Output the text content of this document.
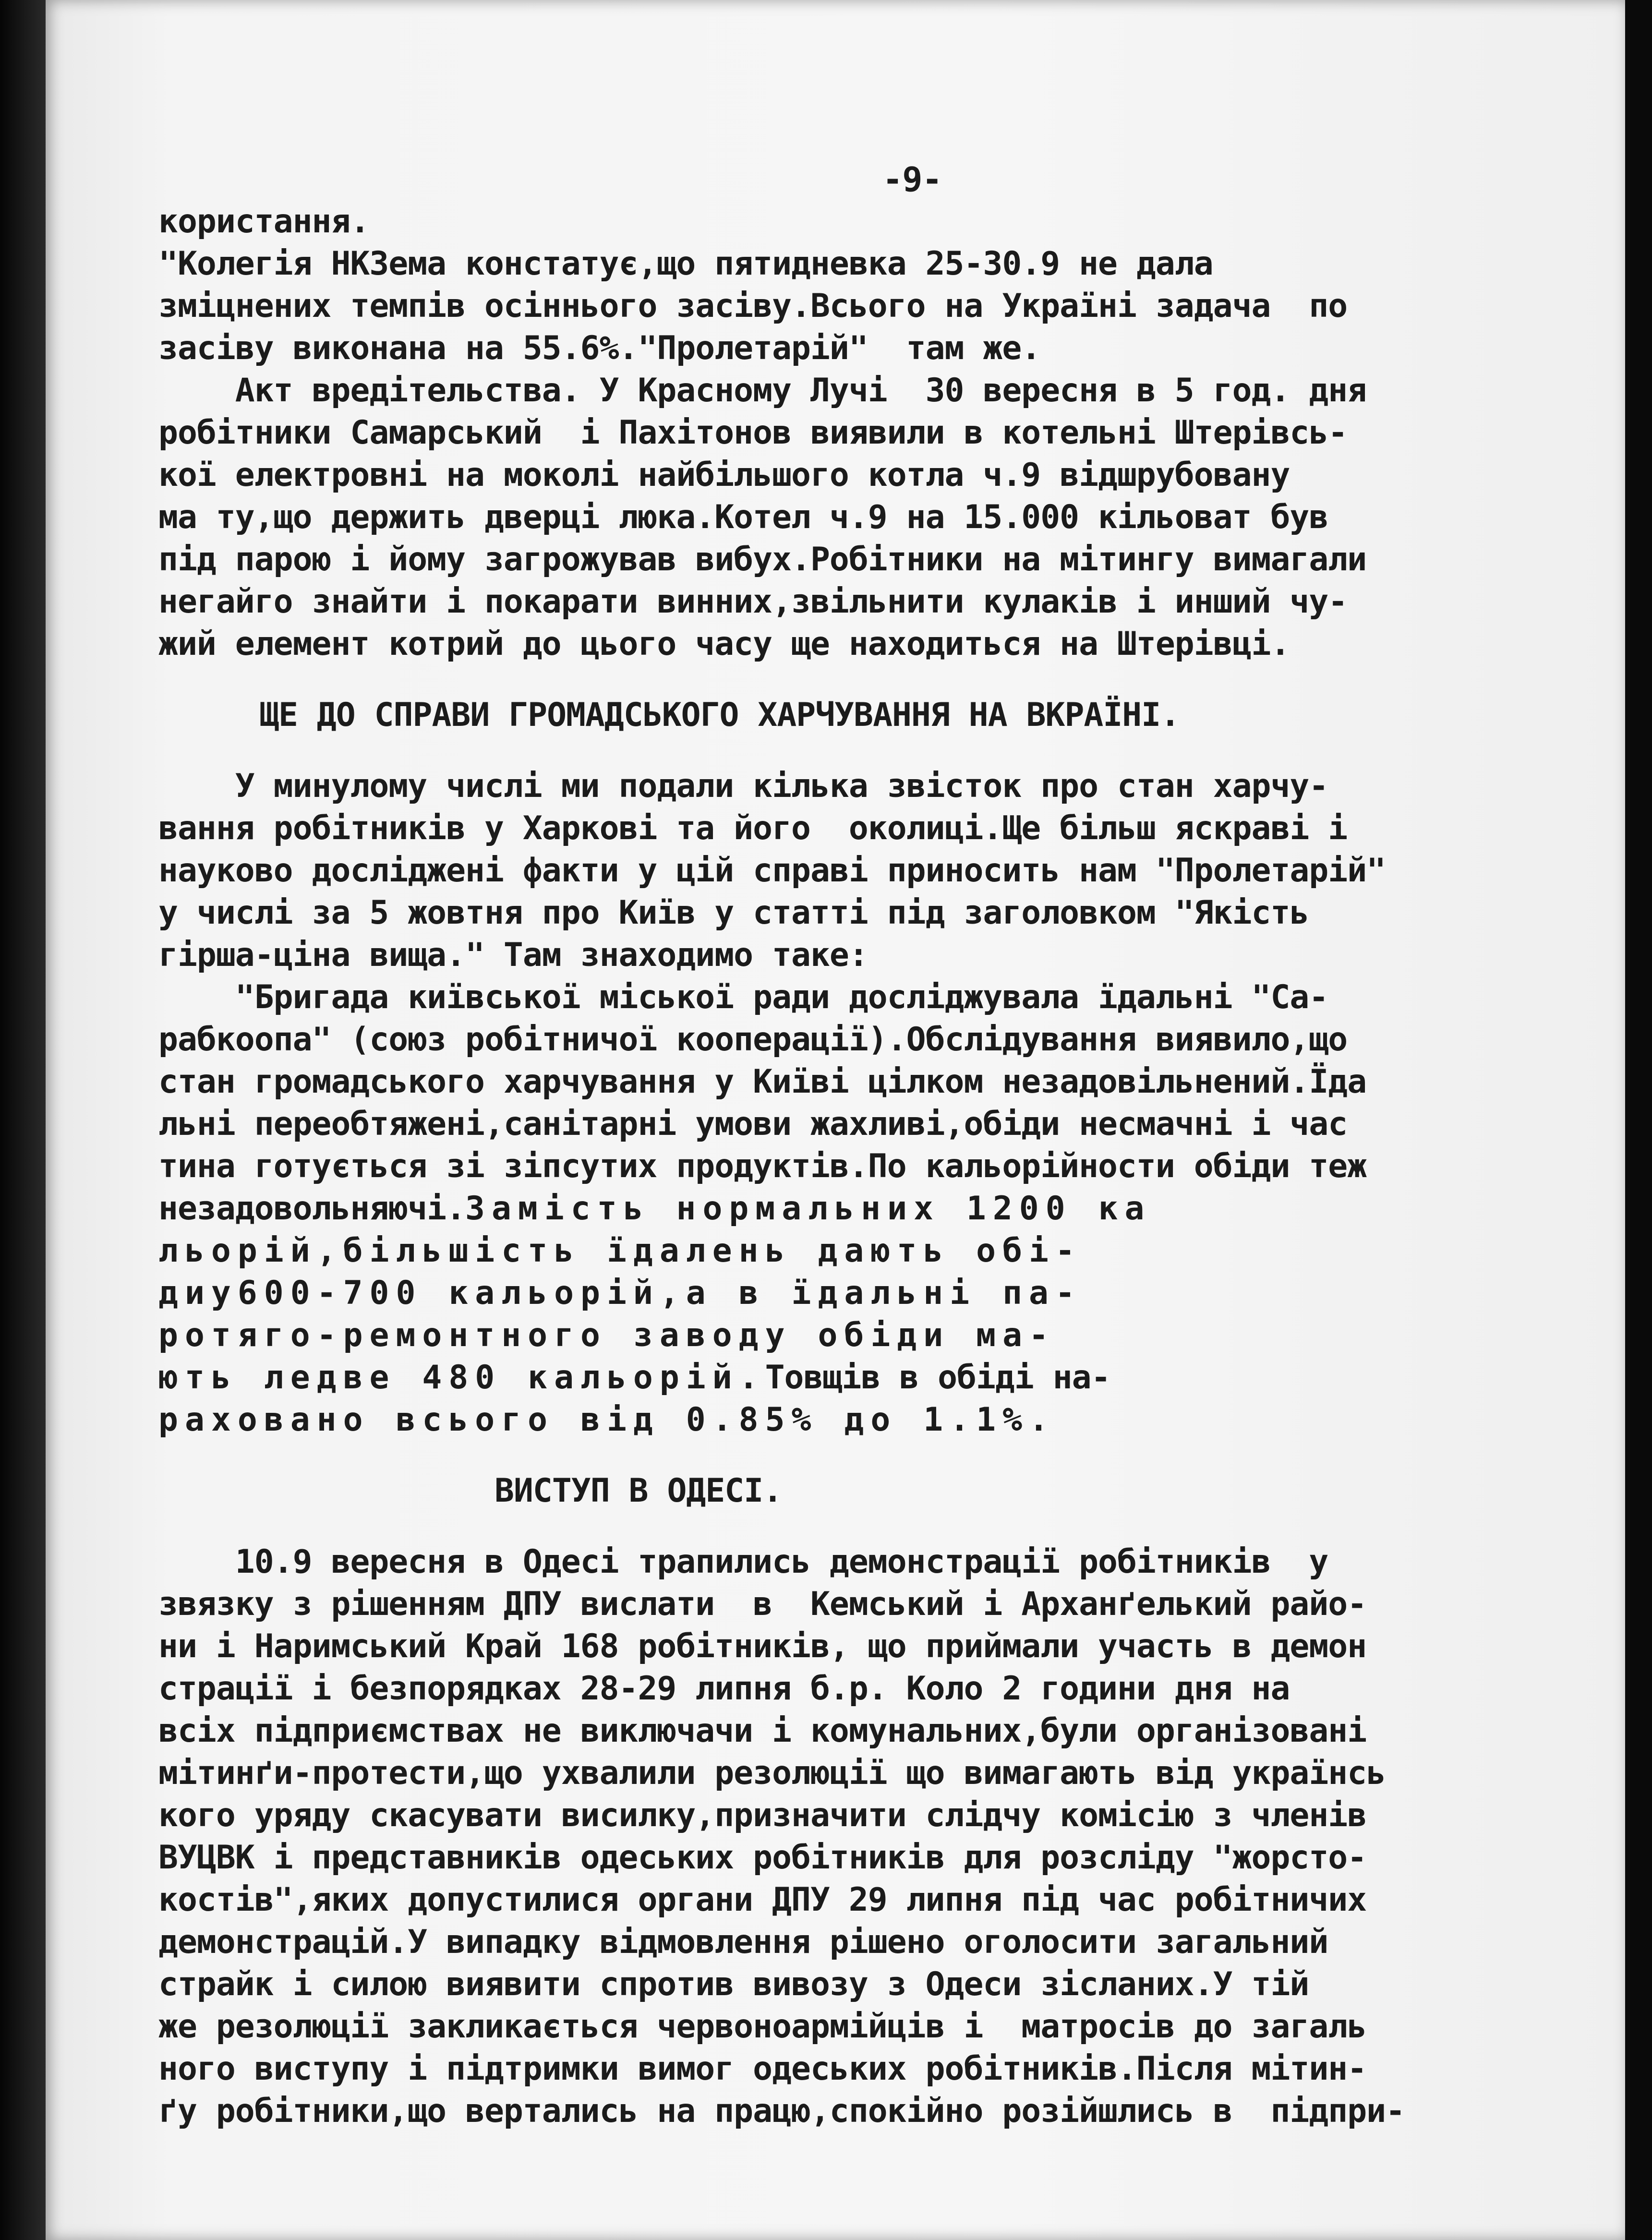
-9-
користання.
"Колегія НКЗема констатує,що пятидневка 25-30.9 не дала
зміцнених темпів осіннього засіву.Всього на Україні задача  по
засіву виконана на 55.6%."Пролетарій"  там же.
Акт вредітельства. У Красному Лучі  30 вересня в 5 год. дня
робітники Самарський  і Пахітонов виявили в котельні Штерівсь-
кої електровні на моколі найбільшого котла ч.9 відшрубовану
ма ту,що держить дверці люка.Котел ч.9 на 15.000 кільоват був
під парою і йому загрожував вибух.Робітники на мітингу вимагали
негайго знайти і покарати винних,звільнити кулаків і инший чу-
жий елемент котрий до цього часу ще находиться на Штерівці.
ЩЕ ДО СПРАВИ ГРОМАДСЬКОГО ХАРЧУВАННЯ НА ВКРАЇНІ.
У минулому числі ми подали кілька звісток про стан харчу-
вання робітників у Харкові та його  околиці.Ще більш яскраві і
науково досліджені факти у цій справі приносить нам "Пролетарій"
у числі за 5 жовтня про Київ у статті під заголовком "Якість
гірша-ціна вища." Там знаходимо таке:
"Бригада київської міської ради досліджувала їдальні "Са-
рабкоопа" (союз робітничої кооперації).Обслідування виявило,що
стан громадського харчування у Київі цілком незадовільнений.Їда
льні переобтяжені,санітарні умови жахливі,обіди несмачні і час
тина готується зі зіпсутих продуктів.По кальорійности обіди теж
незадовольняючі.Замість нормальних 1200 ка
льорій,більшість їдалень дають обі-
диу600-700 кальорій,а в їдальні па-
ротяго-ремонтного заводу обіди ма-
ють ледве 480 кальорій.Товщів в обіді на-
раховано всього від 0.85% до 1.1%.
ВИСТУП В ОДЕСІ.
10.9 вересня в Одесі трапились демонстрації робітників  у
звязку з рішенням ДПУ вислати  в  Кемський і Арханґелький райо-
ни і Наримський Край 168 робітників, що приймали участь в демон
страції і безпорядках 28-29 липня б.р. Коло 2 години дня на
всіх підприємствах не виключачи і комунальних,були організовані
мітинґи-протести,що ухвалили резолюції що вимагають від українсь
кого уряду скасувати висилку,призначити слідчу комісію з членів
ВУЦВК і представників одеських робітників для розсліду "жорсто-
костів",яких допустилися органи ДПУ 29 липня під час робітничих
демонстрацій.У випадку відмовлення рішено оголосити загальний
страйк і силою виявити спротив вивозу з Одеси зісланих.У тій
же резолюції закликається червоноармійців і  матросів до загаль
ного виступу і підтримки вимог одеських робітників.Після мітин-
ґу робітники,що вертались на працю,спокійно розійшлись в  підпри-
